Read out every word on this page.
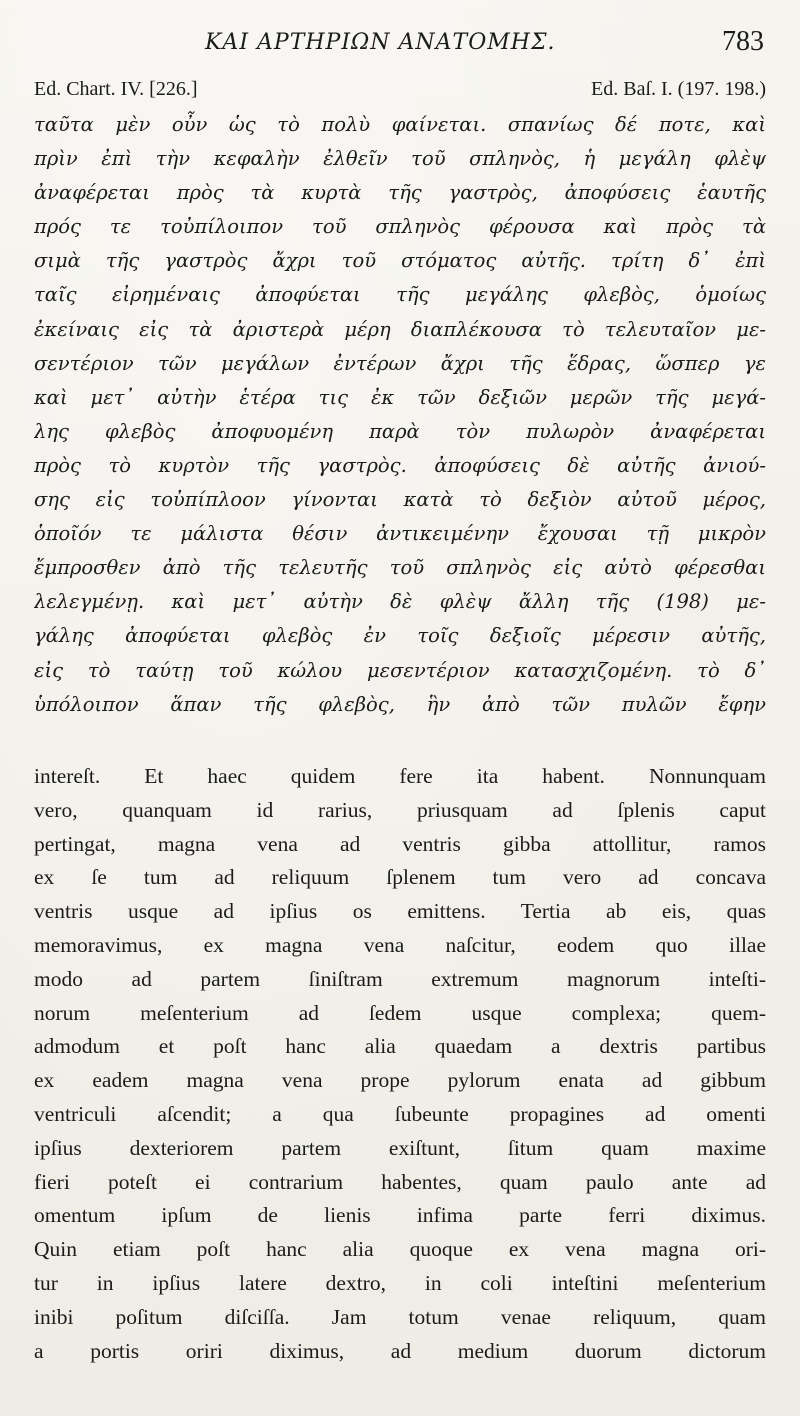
ΚΑΙ ΑΡΤΗΡΙΩΝ ΑΝΑΤΟΜΗΣ.	783
Ed. Chart. IV. [226.]	Ed. Baſ. I. (197. 198.)
ταῦτα μὲν οὖν ὡς τὸ πολὺ φαίνεται. σπανίως δέ ποτε, καὶ
πρὶν ἐπὶ τὴν κεφαλὴν ἐλθεῖν τοῦ σπληνὸς, ἡ μεγάλη φλὲψ
ἀναφέρεται πρὸς τὰ κυρτὰ τῆς γαστρὸς, ἀποφύσεις ἑαυτῆς
πρός τε τοὐπίλοιπον τοῦ σπληνὸς φέρουσα καὶ πρὸς τὰ
σιμὰ τῆς γαστρὸς ἄχρι τοῦ στόματος αὐτῆς. τρίτη δ᾽ ἐπὶ
ταῖς εἰρημέναις ἀποφύεται τῆς μεγάλης φλεβὸς, ὁμοίως
ἐκείναις εἰς τὰ ἀριστερὰ μέρη διαπλέκουσα τὸ τελευταῖον με-
σεντέριον τῶν μεγάλων ἐντέρων ἄχρι τῆς ἕδρας, ὥσπερ γε
καὶ μετ᾽ αὐτὴν ἑτέρα τις ἐκ τῶν δεξιῶν μερῶν τῆς μεγά-
λης φλεβὸς ἀποφυομένη παρὰ τὸν πυλωρὸν ἀναφέρεται
πρὸς τὸ κυρτὸν τῆς γαστρὸς. ἀποφύσεις δὲ αὐτῆς ἀνιού-
σης εἰς τοὐπίπλοον γίνονται κατὰ τὸ δεξιὸν αὐτοῦ μέρος,
ὁποῖόν τε μάλιστα θέσιν ἀντικειμένην ἔχουσαι τῇ μικρὸν
ἔμπροσθεν ἀπὸ τῆς τελευτῆς τοῦ σπληνὸς εἰς αὐτὸ φέρεσθαι
λελεγμένῃ. καὶ μετ᾽ αὐτὴν δὲ φλὲψ ἄλλη τῆς (198) με-
γάλης ἀποφύεται φλεβὸς ἐν τοῖς δεξιοῖς μέρεσιν αὐτῆς,
εἰς τὸ ταύτῃ τοῦ κώλου μεσεντέριον κατασχιζομένη. τὸ δ᾽
ὑπόλοιπον ἅπαν τῆς φλεβὸς, ἣν ἀπὸ τῶν πυλῶν ἔφην
intereſt. Et haec quidem fere ita habent. Nonnunquam
vero, quanquam id rarius, priusquam ad ſplenis caput
pertingat, magna vena ad ventris gibba attollitur, ramos
ex ſe tum ad reliquum ſplenem tum vero ad concava
ventris usque ad ipſius os emittens. Tertia ab eis, quas
memoravimus, ex magna vena naſcitur, eodem quo illae
modo ad partem ſiniſtram extremum magnorum inteſti-
norum meſenterium ad ſedem usque complexa; quem-
admodum et poſt hanc alia quaedam a dextris partibus
ex eadem magna vena prope pylorum enata ad gibbum
ventriculi aſcendit; a qua ſubeunte propagines ad omenti
ipſius dexteriorem partem exiſtunt, ſitum quam maxime
fieri poteſt ei contrarium habentes, quam paulo ante ad
omentum ipſum de lienis infima parte ferri diximus.
Quin etiam poſt hanc alia quoque ex vena magna ori-
tur in ipſius latere dextro, in coli inteſtini meſenterium
inibi poſitum diſciſſa. Jam totum venae reliquum, quam
a portis oriri diximus, ad medium duorum dictorum
